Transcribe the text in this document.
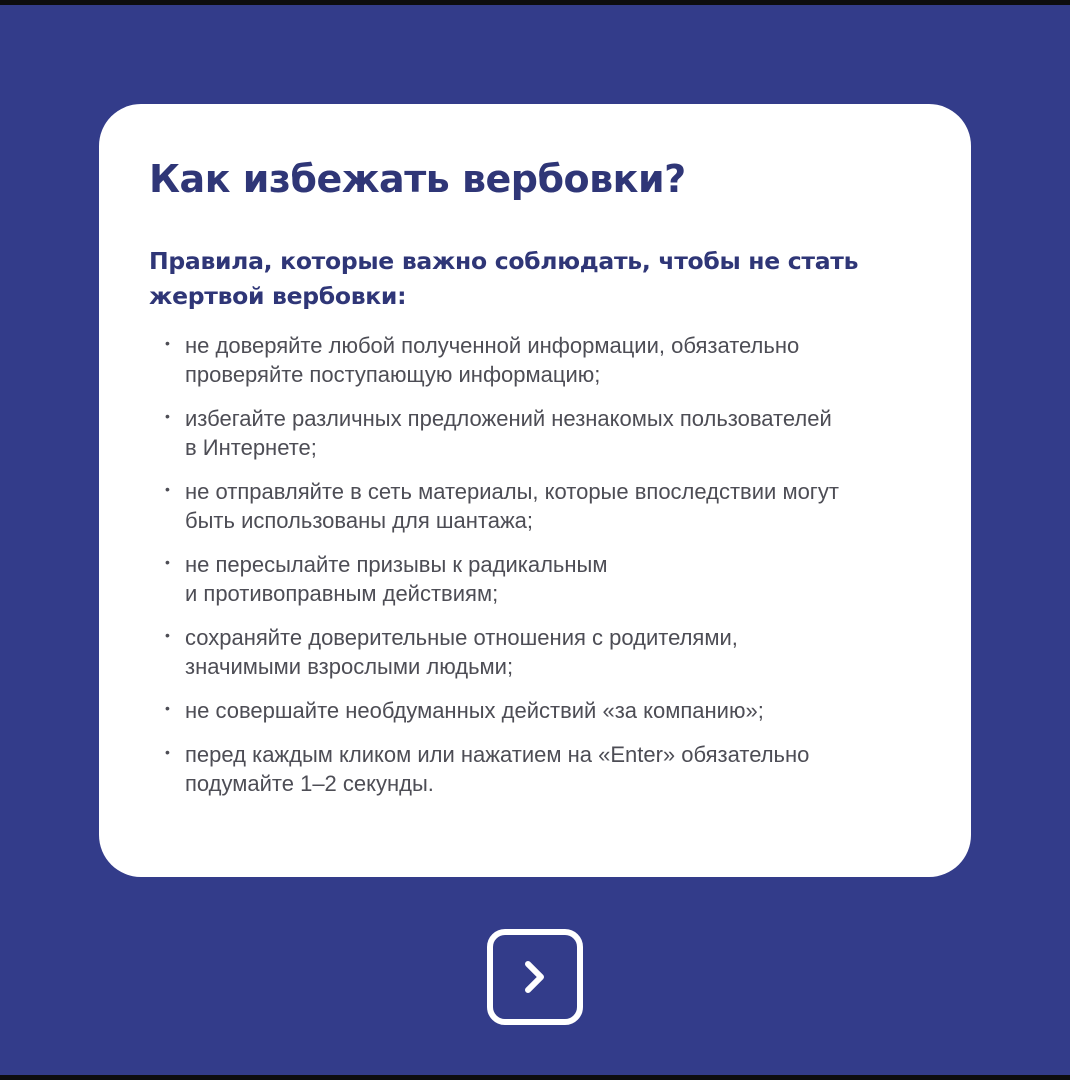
Как избежать вербовки?

Правила, которые важно соблюдать, чтобы не стать жертвой вербовки:

• не доверяйте любой полученной информации, обязательно
проверяйте поступающую информацию;
• избегайте различных предложений незнакомых пользователей
в Интернете;
• не отправляйте в сеть материалы, которые впоследствии могут
быть использованы для шантажа;
• не пересылайте призывы к радикальным
и противоправным действиям;
• сохраняйте доверительные отношения с родителями,
значимыми взрослыми людьми;
• не совершайте необдуманных действий «за компанию»;
• перед каждым кликом или нажатием на «Enter» обязательно
подумайте 1–2 секунды.
